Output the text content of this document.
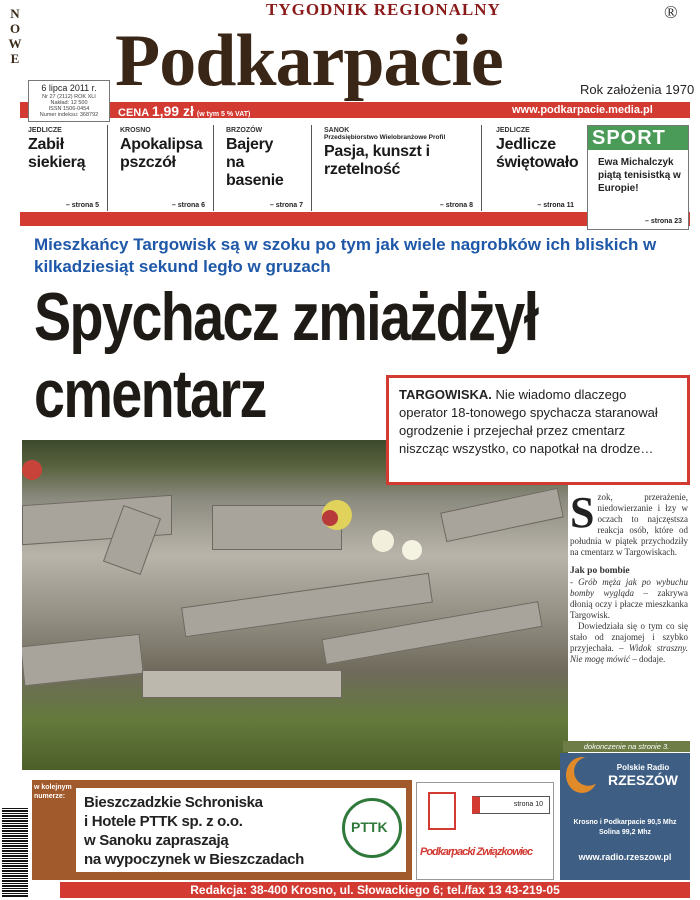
N
O
W
E Podkarpacie
TYGODNIK REGIONALNY	®
Rok założenia 1970
6 lipca 2011 r.
Nr 27 (2112) ROK XLI
Nakład: 12 500
ISSN 1506-0454
Numer indeksu: 368792	CENA 1,99 zł (w tym 5 % VAT)	www.podkarpacie.media.pl
JEDLICZE
Zabił siekierą
– strona 5
KROSNO
Apokalipsa pszczół
– strona 6
BRZOZÓW
Bajery na basenie
– strona 7
SANOK
Przedsiębiorstwo Wielobranżowe Profil
Pasja, kunszt i rzetelność
– strona 8
JEDLICZE
Jedlicze świętowało
– strona 11
SPORT
Ewa Michalczyk piątą tenisistką w Europie!
– strona 23
Mieszkańcy Targowisk są w szoku po tym jak wiele nagrobków ich bliskich w kilkadziesiąt sekund legło w gruzach
Spychacz zmiażdżył
cmentarz	TARGOWISKA. Nie wiadomo dlaczego operator 18-tonowego spychacza staranował ogrodzenie i przejechał przez cmentarz niszcząc wszystko, co napotkał na drodze…
Szok, przerażenie, niedowierzanie i łzy w oczach to najczęstsza reakcja osób, które od południa w piątek przychodziły na cmentarz w Targowiskach.
Jak po bombie

- Grób męża jak po wybuchu bomby wygląda – zakrywa dłonią oczy i płacze mieszkanka Targowisk.

Dowiedziała się o tym co się stało od znajomej i szybko przyjechała. – Widok straszny. Nie mogę mówić – dodaje.

dokonczenie na stronie 3.
Bieszczadzkie Schroniska
i Hotele PTTK sp. z o.o.
w Sanoku zapraszają
na wypoczynek w Bieszczadach
PTTK
w kolejnym numerze:
strona 10
Podkarpacki Związkowiec
Polskie Radio
RZESZÓW
Krosno i Podkarpacie 90,5 Mhz
Solina 99,2 Mhz
www.radio.rzeszow.pl
Redakcja: 38-400 Krosno, ul. Słowackiego 6; tel./fax 13 43-219-05
